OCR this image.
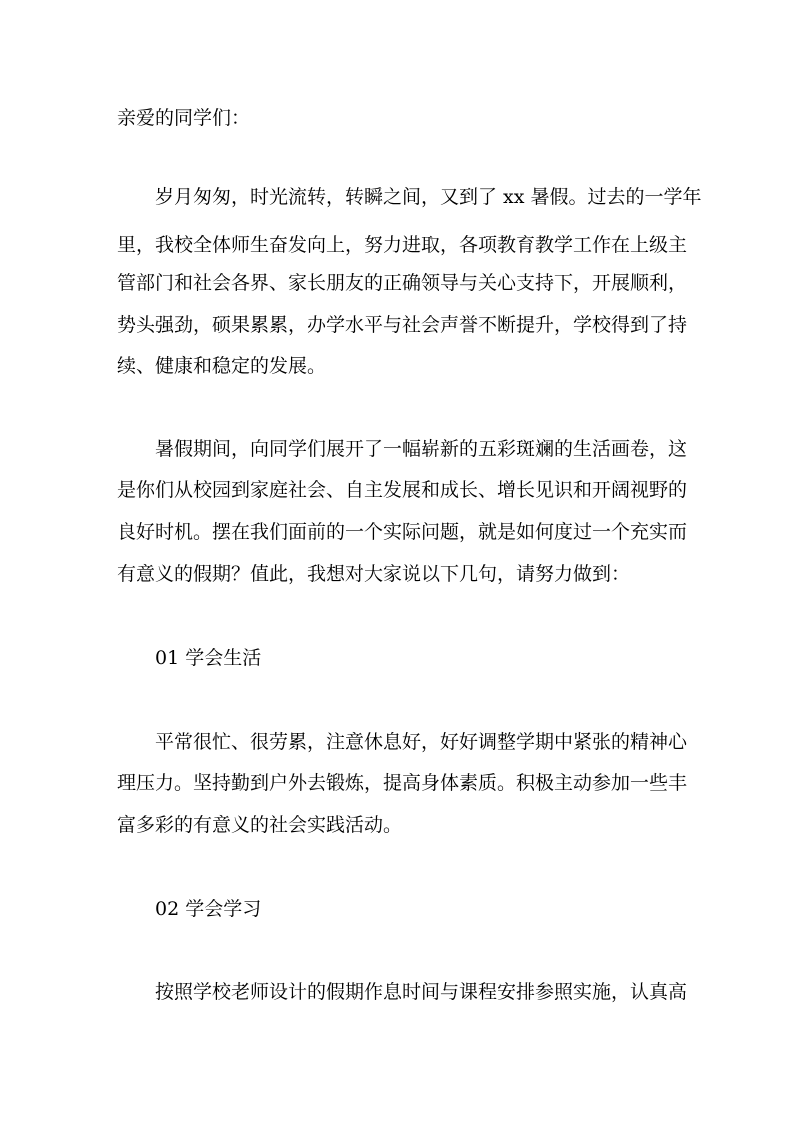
亲爱的同学们：
岁月匆匆，时光流转，转瞬之间，又到了 xx 暑假。过去的一学年
里，我校全体师生奋发向上，努力进取，各项教育教学工作在上级主
管部门和社会各界、家长朋友的正确领导与关心支持下，开展顺利，
势头强劲，硕果累累，办学水平与社会声誉不断提升，学校得到了持
续、健康和稳定的发展。
暑假期间，向同学们展开了一幅崭新的五彩斑斓的生活画卷，这
是你们从校园到家庭社会、自主发展和成长、增长见识和开阔视野的
良好时机。摆在我们面前的一个实际问题，就是如何度过一个充实而
有意义的假期？值此，我想对大家说以下几句，请努力做到：
01 学会生活
平常很忙、很劳累，注意休息好，好好调整学期中紧张的精神心
理压力。坚持勤到户外去锻炼，提高身体素质。积极主动参加一些丰
富多彩的有意义的社会实践活动。
02 学会学习
按照学校老师设计的假期作息时间与课程安排参照实施，认真高
